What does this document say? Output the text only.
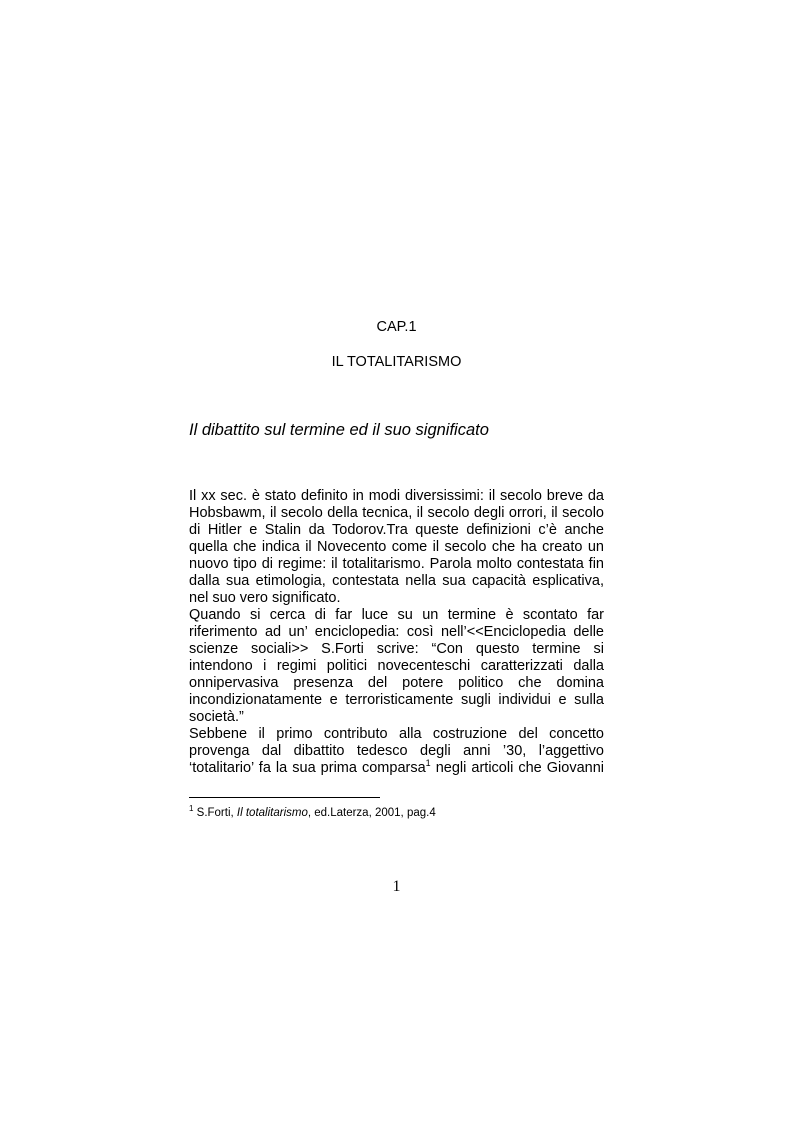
CAP.1
IL TOTALITARISMO
Il dibattito sul termine ed il suo significato

Il xx sec. è stato definito in modi diversissimi: il secolo breve da Hobsbawm, il secolo della tecnica, il secolo degli orrori, il secolo di Hitler e Stalin da Todorov.Tra queste definizioni c’è anche quella che indica il Novecento come il secolo che ha creato un nuovo tipo di regime: il totalitarismo. Parola molto contestata fin dalla sua etimologia, contestata nella sua capacità esplicativa, nel suo vero significato.

Quando si cerca di far luce su un termine è scontato far riferimento ad un’ enciclopedia: così nell’<<Enciclopedia delle scienze sociali>> S.Forti scrive: “Con questo termine si intendono i regimi politici novecenteschi caratterizzati dalla onnipervasiva presenza del potere politico che domina incondizionatamente e terroristicamente sugli individui e sulla società.”

Sebbene il primo contributo alla costruzione del concetto provenga dal dibattito tedesco degli anni ’30, l’aggettivo ‘totalitario’ fa la sua prima comparsa$^1$ negli articoli che Giovanni

$^1$ S.Forti, Il totalitarismo, ed.Laterza, 2001, pag.4
1
